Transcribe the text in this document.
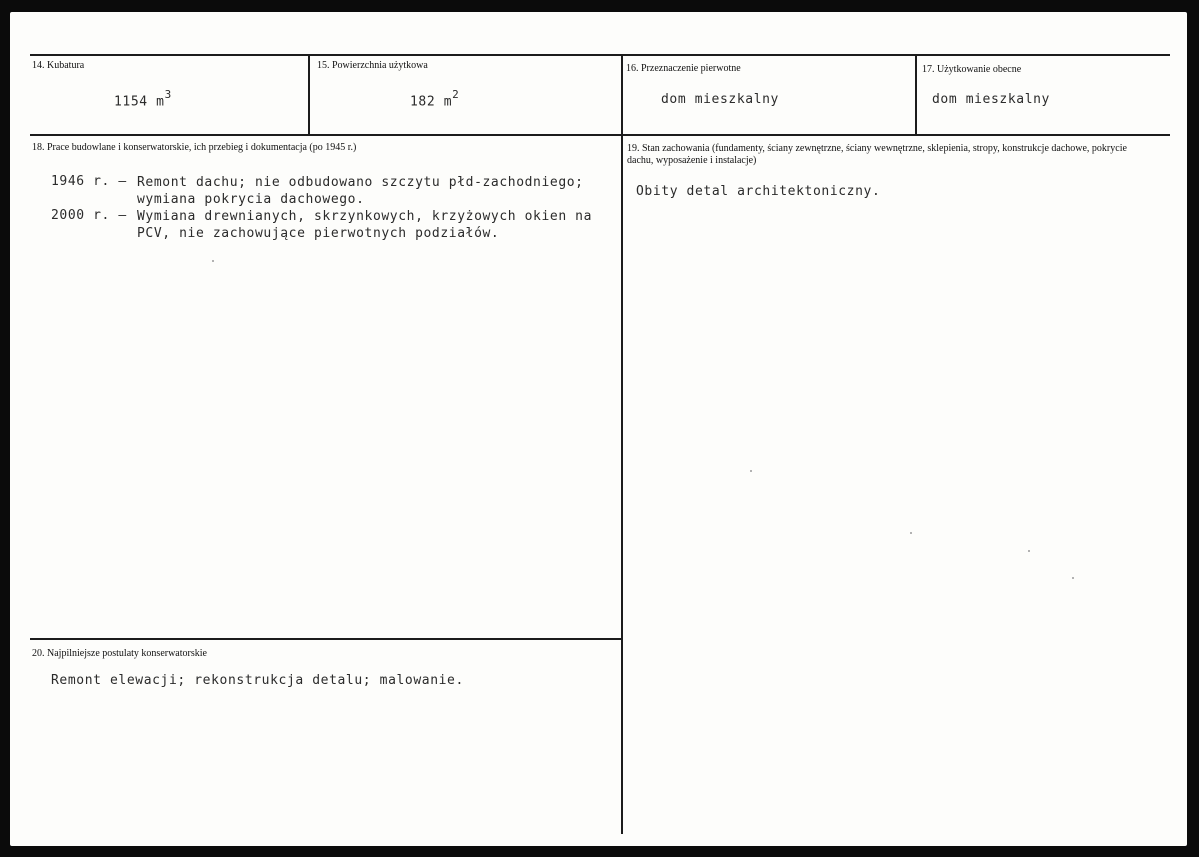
14. Kubatura
1154 $m^3$
15. Powierzchnia użytkowa
182 $m^2$
16. Przeznaczenie pierwotne
dom mieszkalny
17. Użytkowanie obecne
dom mieszkalny
18. Prace budowlane i konserwatorskie, ich przebieg i dokumentacja (po 1945 r.)
1946 r. – Remont dachu; nie odbudowano szczytu płd-zachodniego; wymiana pokrycia dachowego.
2000 r. – Wymiana drewnianych, skrzynkowych, krzyżowych okien na PCV, nie zachowujące pierwotnych podziałów.
19. Stan zachowania (fundamenty, ściany zewnętrzne, ściany wewnętrzne, sklepienia, stropy, konstrukcje dachowe, pokrycie dachu, wyposażenie i instalacje)
Obity detal architektoniczny.
20. Najpilniejsze postulaty konserwatorskie
Remont elewacji; rekonstrukcja detalu; malowanie.
